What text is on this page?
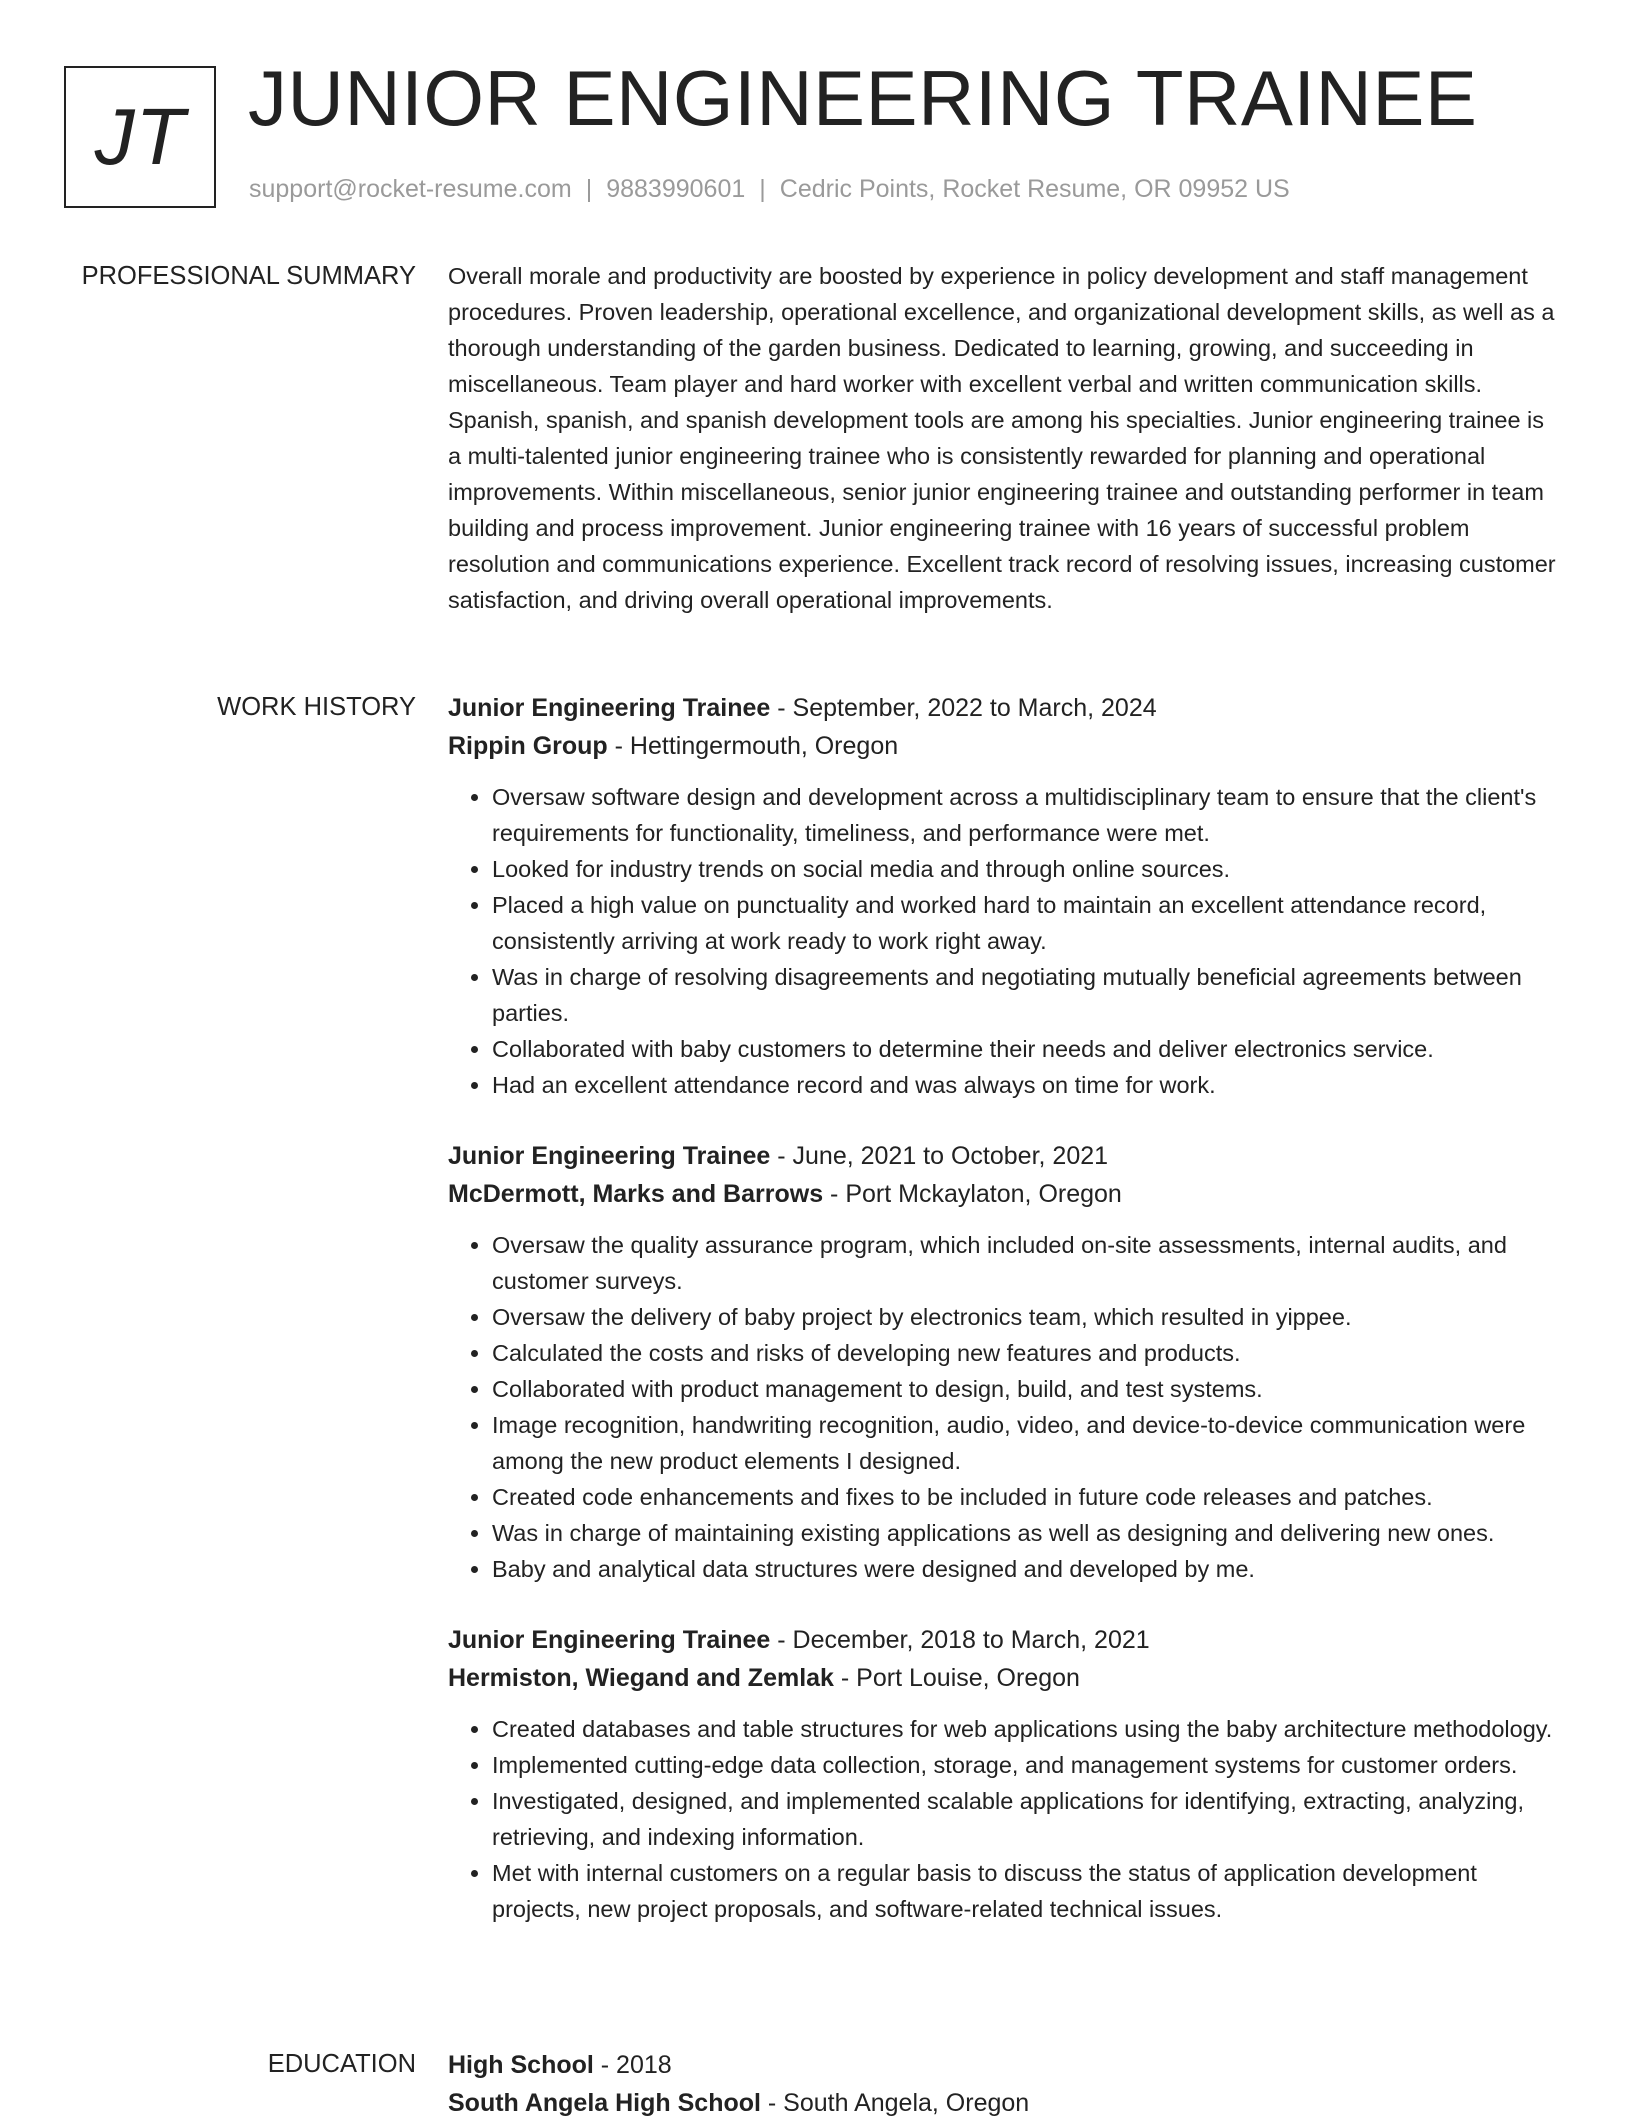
JT JUNIOR ENGINEERING TRAINEE
support@rocket-resume.com | 9883990601 | Cedric Points, Rocket Resume, OR 09952 US
PROFESSIONAL SUMMARY Overall morale and productivity are boosted by experience in policy development and staff management procedures. Proven leadership, operational excellence, and organizational development skills, as well as a thorough understanding of the garden business. Dedicated to learning, growing, and succeeding in miscellaneous. Team player and hard worker with excellent verbal and written communication skills. Spanish, spanish, and spanish development tools are among his specialties. Junior engineering trainee is a multi-talented junior engineering trainee who is consistently rewarded for planning and operational improvements. Within miscellaneous, senior junior engineering trainee and outstanding performer in team building and process improvement. Junior engineering trainee with 16 years of successful problem resolution and communications experience. Excellent track record of resolving issues, increasing customer satisfaction, and driving overall operational improvements.

WORK HISTORY Junior Engineering Trainee - September, 2022 to March, 2024
Rippin Group - Hettingermouth, Oregon
• Oversaw software design and development across a multidisciplinary team to ensure that the client's requirements for functionality, timeliness, and performance were met.
• Looked for industry trends on social media and through online sources.
• Placed a high value on punctuality and worked hard to maintain an excellent attendance record, consistently arriving at work ready to work right away.
• Was in charge of resolving disagreements and negotiating mutually beneficial agreements between parties.
• Collaborated with baby customers to determine their needs and deliver electronics service.
• Had an excellent attendance record and was always on time for work.
Junior Engineering Trainee - June, 2021 to October, 2021
McDermott, Marks and Barrows - Port Mckaylaton, Oregon
• Oversaw the quality assurance program, which included on-site assessments, internal audits, and customer surveys.
• Oversaw the delivery of baby project by electronics team, which resulted in yippee.
• Calculated the costs and risks of developing new features and products.
• Collaborated with product management to design, build, and test systems.
• Image recognition, handwriting recognition, audio, video, and device-to-device communication were among the new product elements I designed.
• Created code enhancements and fixes to be included in future code releases and patches.
• Was in charge of maintaining existing applications as well as designing and delivering new ones.
• Baby and analytical data structures were designed and developed by me.
Junior Engineering Trainee - December, 2018 to March, 2021
Hermiston, Wiegand and Zemlak - Port Louise, Oregon
• Created databases and table structures for web applications using the baby architecture methodology.
• Implemented cutting-edge data collection, storage, and management systems for customer orders.
• Investigated, designed, and implemented scalable applications for identifying, extracting, analyzing, retrieving, and indexing information.
• Met with internal customers on a regular basis to discuss the status of application development projects, new project proposals, and software-related technical issues.
EDUCATION High School - 2018
South Angela High School - South Angela, Oregon
